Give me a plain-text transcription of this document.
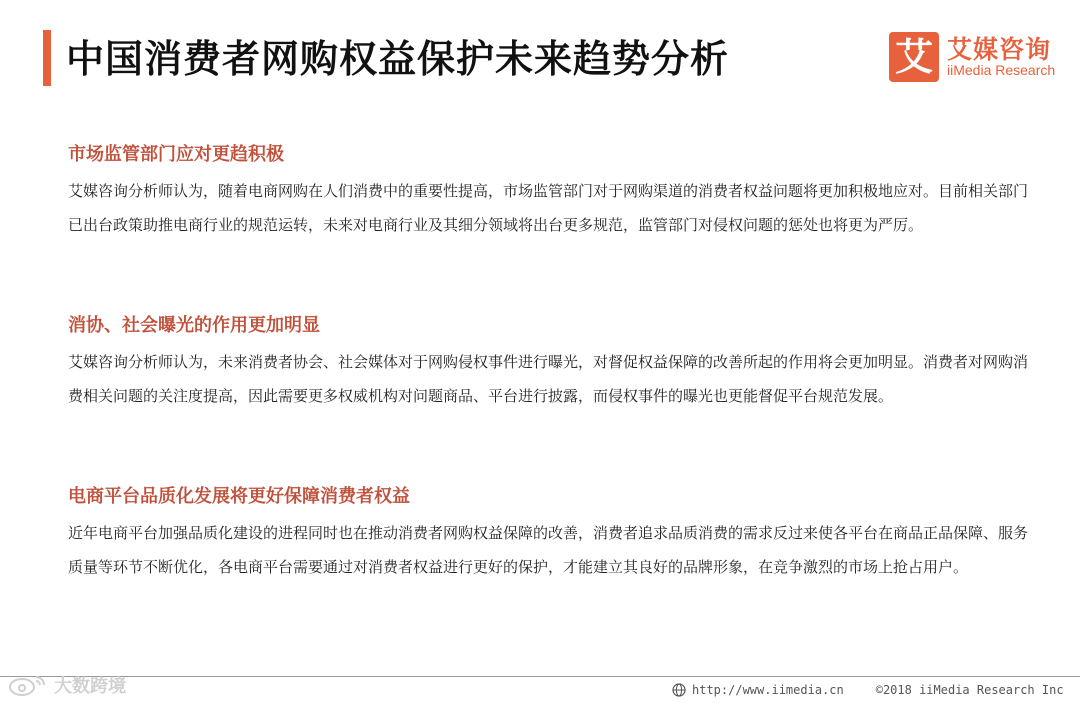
中国消费者网购权益保护未来趋势分析	艾 艾媒咨询
iiMedia Research

市场监管部门应对更趋积极

艾媒咨询分析师认为，随着电商网购在人们消费中的重要性提高，市场监管部门对于网购渠道的消费者权益问题将更加积极地应对。目前相关部门已出台政策助推电商行业的规范运转，未来对电商行业及其细分领域将出台更多规范，监管部门对侵权问题的惩处也将更为严厉。

消协、社会曝光的作用更加明显

艾媒咨询分析师认为，未来消费者协会、社会媒体对于网购侵权事件进行曝光，对督促权益保障的改善所起的作用将会更加明显。消费者对网购消费相关问题的关注度提高，因此需要更多权威机构对问题商品、平台进行披露，而侵权事件的曝光也更能督促平台规范发展。

电商平台品质化发展将更好保障消费者权益

近年电商平台加强品质化建设的进程同时也在推动消费者网购权益保障的改善，消费者追求品质消费的需求反过来使各平台在商品正品保障、服务质量等环节不断优化，各电商平台需要通过对消费者权益进行更好的保护，才能建立其良好的品牌形象，在竞争激烈的市场上抢占用户。

大数跨境	http://www.iimedia.cn	©2018 iiMedia Research Inc
